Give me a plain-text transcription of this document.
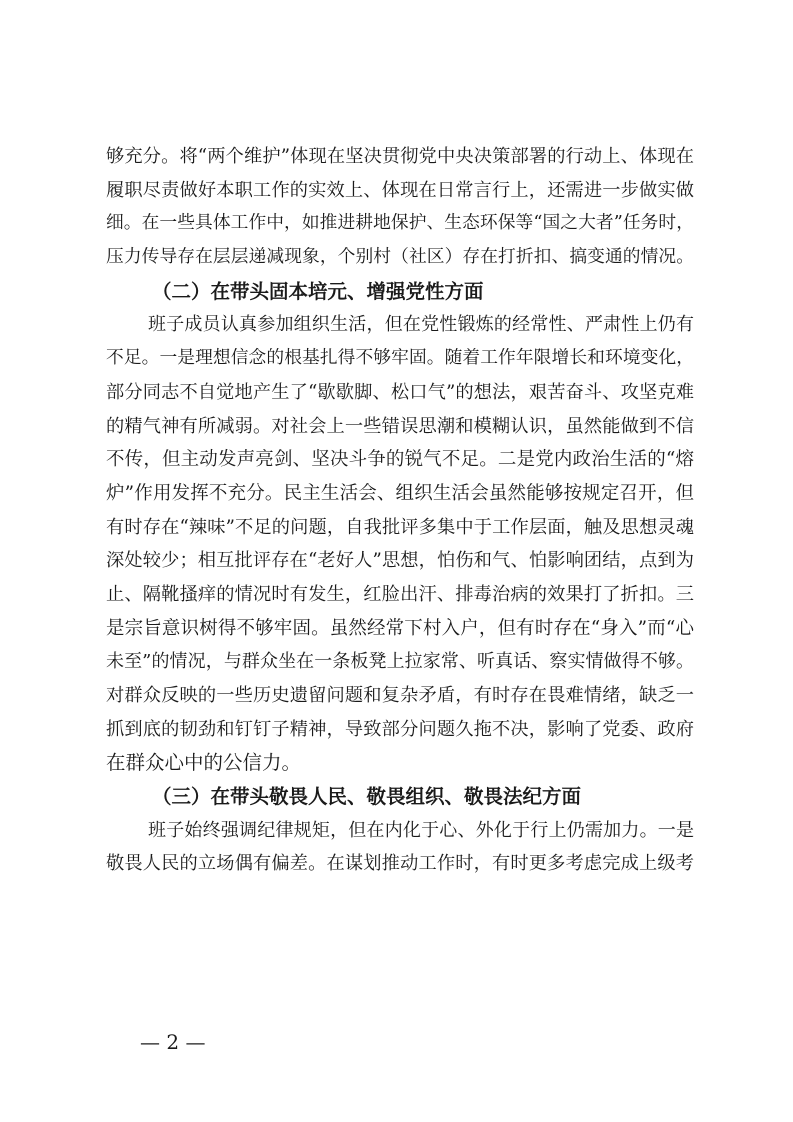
够充分。将“两个维护”体现在坚决贯彻党中央决策部署的行动上、体现在
履职尽责做好本职工作的实效上、体现在日常言行上，还需进一步做实做
细。在一些具体工作中，如推进耕地保护、生态环保等“国之大者”任务时，
压力传导存在层层递减现象，个别村（社区）存在打折扣、搞变通的情况。
（二）在带头固本培元、增强党性方面
班子成员认真参加组织生活，但在党性锻炼的经常性、严肃性上仍有
不足。一是理想信念的根基扎得不够牢固。随着工作年限增长和环境变化，
部分同志不自觉地产生了“歇歇脚、松口气”的想法，艰苦奋斗、攻坚克难
的精气神有所减弱。对社会上一些错误思潮和模糊认识，虽然能做到不信
不传，但主动发声亮剑、坚决斗争的锐气不足。二是党内政治生活的“熔
炉”作用发挥不充分。民主生活会、组织生活会虽然能够按规定召开，但
有时存在“辣味”不足的问题，自我批评多集中于工作层面，触及思想灵魂
深处较少；相互批评存在“老好人”思想，怕伤和气、怕影响团结，点到为
止、隔靴搔痒的情况时有发生，红脸出汗、排毒治病的效果打了折扣。三
是宗旨意识树得不够牢固。虽然经常下村入户，但有时存在“身入”而“心
未至”的情况，与群众坐在一条板凳上拉家常、听真话、察实情做得不够。
对群众反映的一些历史遗留问题和复杂矛盾，有时存在畏难情绪，缺乏一
抓到底的韧劲和钉钉子精神，导致部分问题久拖不决，影响了党委、政府
在群众心中的公信力。
（三）在带头敬畏人民、敬畏组织、敬畏法纪方面
班子始终强调纪律规矩，但在内化于心、外化于行上仍需加力。一是
敬畏人民的立场偶有偏差。在谋划推动工作时，有时更多考虑完成上级考
— 2 —
